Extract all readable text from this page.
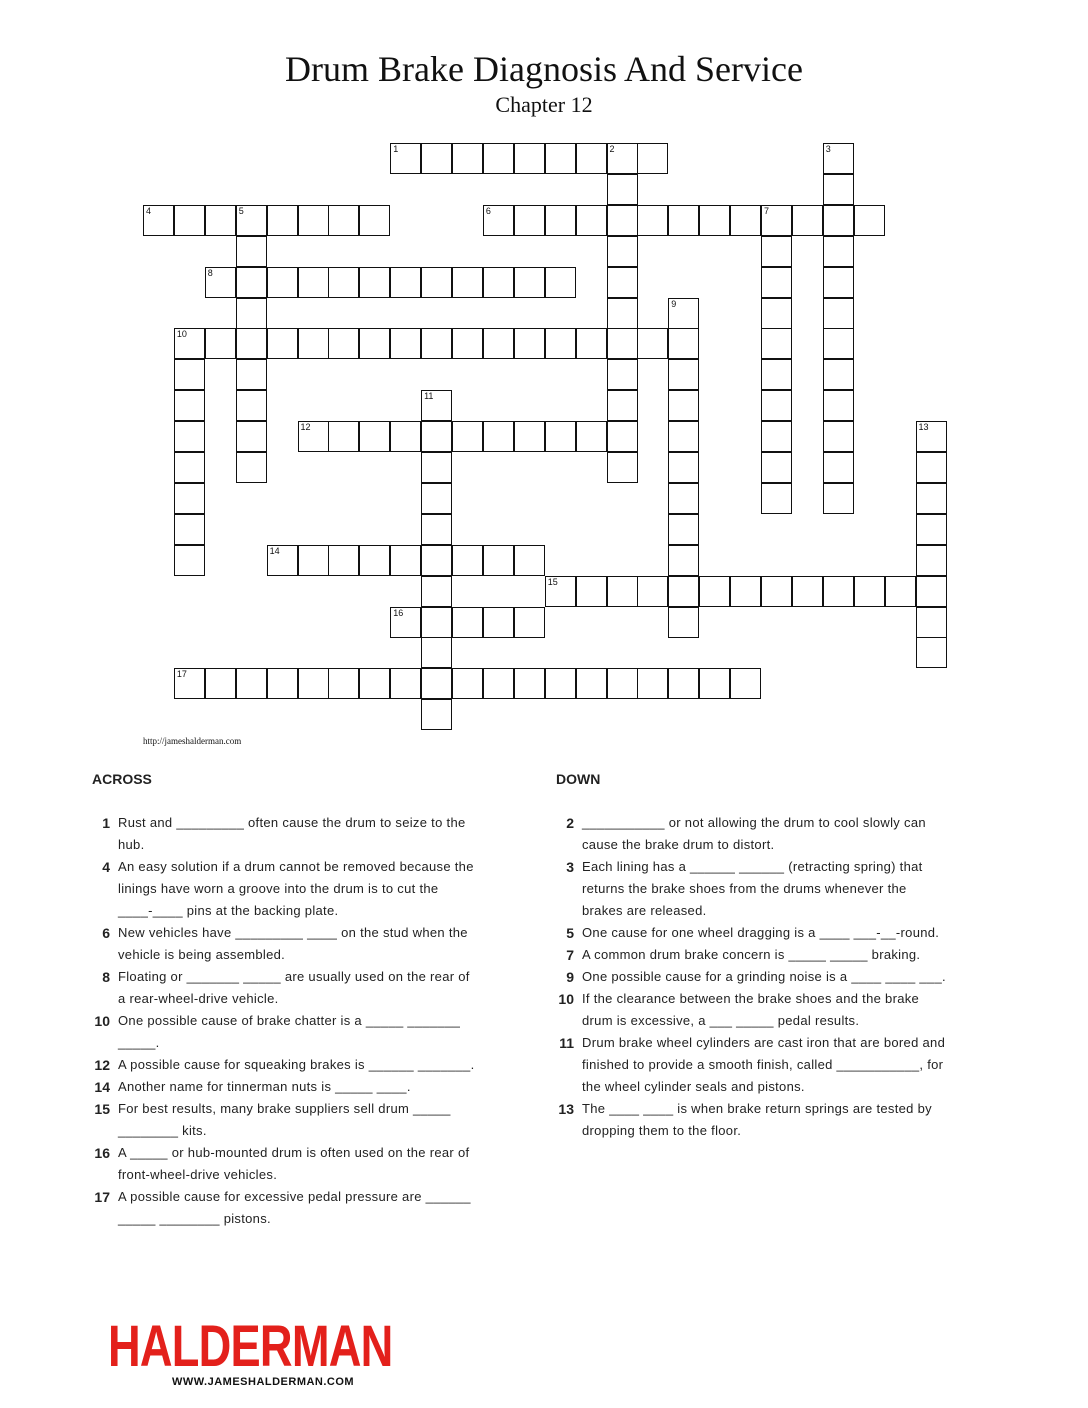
Drum Brake Diagnosis And Service
Chapter 12
1	2	3
4	5	6	7
8
9
10
11
12	13
14
15
16
17
http://jameshalderman.com
ACROSS	DOWN
1 Rust and _________ often cause the drum to seize to the hub.
4 An easy solution if a drum cannot be removed because the linings have worn a groove into the drum is to cut the ____-____ pins at the backing plate.
6 New vehicles have _________ ____ on the stud when the vehicle is being assembled.
8 Floating or _______ _____ are usually used on the rear of a rear-wheel-drive vehicle.
10 One possible cause of brake chatter is a _____ _______ _____.
12 A possible cause for squeaking brakes is ______ _______.
14 Another name for tinnerman nuts is _____ ____.
15 For best results, many brake suppliers sell drum _____ ________ kits.
16 A _____ or hub-mounted drum is often used on the rear of front-wheel-drive vehicles.
17 A possible cause for excessive pedal pressure are ______ _____ ________ pistons.
2 ___________ or not allowing the drum to cool slowly can cause the brake drum to distort.
3 Each lining has a ______ ______ (retracting spring) that returns the brake shoes from the drums whenever the brakes are released.
5 One cause for one wheel dragging is a ____ ___-__-round.
7 A common drum brake concern is _____ _____ braking.
9 One possible cause for a grinding noise is a ____ ____ ___.
10 If the clearance between the brake shoes and the brake drum is excessive, a ___ _____ pedal results.
11 Drum brake wheel cylinders are cast iron that are bored and finished to provide a smooth finish, called ___________, for the wheel cylinder seals and pistons.
13 The ____ ____ is when brake return springs are tested by dropping them to the floor.
HALDERMAN
WWW.JAMESHALDERMAN.COM
